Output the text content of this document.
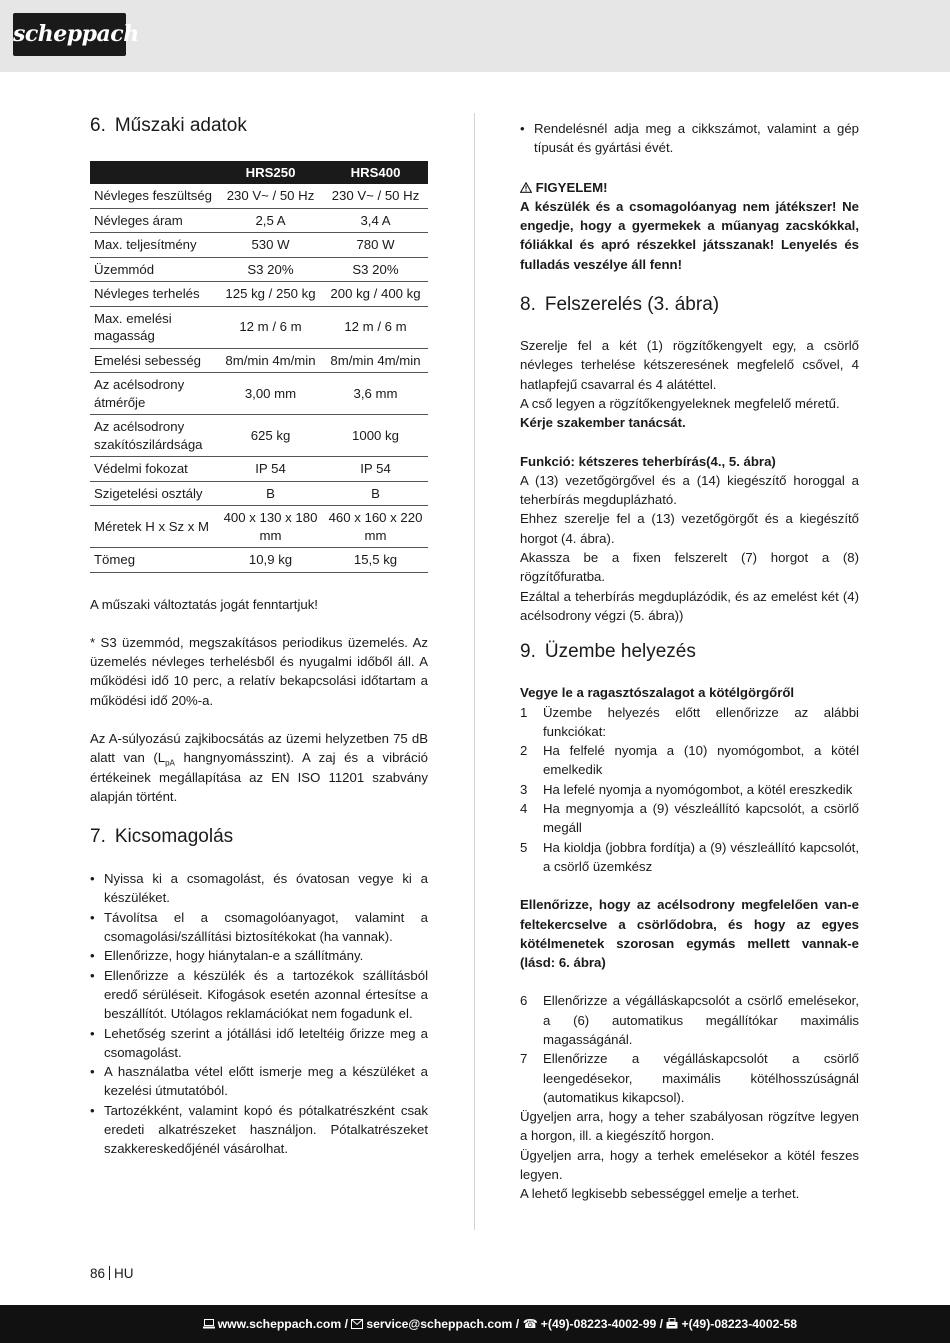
scheppach
6. Műszaki adatok
	HRS250	HRS400
Névleges feszültség	230 V~ / 50 Hz	230 V~ / 50 Hz
Névleges áram	2,5 A	3,4 A
Max. teljesítmény	530 W	780 W
Üzemmód	S3 20%	S3 20%
Névleges terhelés	125 kg / 250 kg	200 kg / 400 kg
Max. emelési magasság	12 m / 6 m	12 m / 6 m
Emelési sebesség	8m/min 4m/min	8m/min 4m/min
Az acélsodrony átmérője	3,00 mm	3,6 mm
Az acélsodrony szakítószilárdsága	625 kg	1000 kg
Védelmi fokozat	IP 54	IP 54
Szigetelési osztály	B	B
Méretek H x Sz x M	400 x 130 x 180 mm	460 x 160 x 220 mm
Tömeg	10,9 kg	15,5 kg

A műszaki változtatás jogát fenntartjuk!

* S3 üzemmód, megszakításos periodikus üzemelés. Az üzemelés névleges terhelésből és nyugalmi időből áll. A működési idő 10 perc, a relatív bekapcsolási időtartam a működési idő 20%-a.

Az A-súlyozású zajkibocsátás az üzemi helyzetben 75 dB alatt van ($L_{pA}$ hangnyomásszint). A zaj és a vibráció értékeinek megállapítása az EN ISO 11201 szabvány alapján történt.

7. Kicsomagolás
• Nyissa ki a csomagolást, és óvatosan vegye ki a készüléket.
• Távolítsa el a csomagolóanyagot, valamint a csomagolási/szállítási biztosítékokat (ha vannak).
• Ellenőrizze, hogy hiánytalan-e a szállítmány.
• Ellenőrizze a készülék és a tartozékok szállításból eredő sérüléseit. Kifogások esetén azonnal értesítse a beszállítót. Utólagos reklamációkat nem fogadunk el.
• Lehetőség szerint a jótállási idő leteltéig őrizze meg a csomagolást.
• A használatba vétel előtt ismerje meg a készüléket a kezelési útmutatóból.
• Tartozékként, valamint kopó és pótalkatrészként csak eredeti alkatrészeket használjon. Pótalkatrészeket szakkereskedőjénél vásárolhat.
• Rendelésnél adja meg a cikkszámot, valamint a gép típusát és gyártási évét.

FIGYELEM!

A készülék és a csomagolóanyag nem játékszer! Ne engedje, hogy a gyermekek a műanyag zacskókkal, fóliákkal és apró részekkel játsszanak! Lenyelés és fulladás veszélye áll fenn!

8. Felszerelés (3. ábra)

Szerelje fel a két (1) rögzítőkengyelt egy, a csörlő névleges terhelése kétszeresének megfelelő csővel, 4 hatlapfejű csavarral és 4 alátéttel.

A cső legyen a rögzítőkengyeleknek megfelelő méretű.

Kérje szakember tanácsát.

Funkció: kétszeres teherbírás(4., 5. ábra)

A (13) vezetőgörgővel és a (14) kiegészítő horoggal a teherbírás megduplázható.

Ehhez szerelje fel a (13) vezetőgörgőt és a kiegészítő horgot (4. ábra).

Akassza be a fixen felszerelt (7) horgot a (8) rögzítőfuratba.

Ezáltal a teherbírás megduplázódik, és az emelést két (4) acélsodrony végzi (5. ábra))

9. Üzembe helyezés

Vegye le a ragasztószalagot a kötélgörgőről

1 Üzembe helyezés előtt ellenőrizze az alábbi funkciókat:
2 Ha felfelé nyomja a (10) nyomógombot, a kötél emelkedik
3 Ha lefelé nyomja a nyomógombot, a kötél ereszkedik
4 Ha megnyomja a (9) vészleállító kapcsolót, a csörlő megáll
5 Ha kioldja (jobbra fordítja) a (9) vészleállító kapcsolót, a csörlő üzemkész

Ellenőrizze, hogy az acélsodrony megfelelően van-e feltekercselve a csörlődobra, és hogy az egyes kötélmenetek szorosan egymás mellett vannak-e (lásd: 6. ábra)

6 Ellenőrizze a végálláskapcsolót a csörlő emelésekor, a (6) automatikus megállítókar maximális magasságánál.
7 Ellenőrizze a végálláskapcsolót a csörlő leengedésekor, maximális kötélhosszúságnál (automatikus kikapcsol).

Ügyeljen arra, hogy a teher szabályosan rögzítve legyen a horgon, ill. a kiegészítő horgon.

Ügyeljen arra, hogy a terhek emelésekor a kötél feszes legyen.

A lehető legkisebb sebességgel emelje a terhet.

86 HU
www.scheppach.com / service@scheppach.com / ☎ +(49)-08223-4002-99 / +(49)-08223-4002-58
